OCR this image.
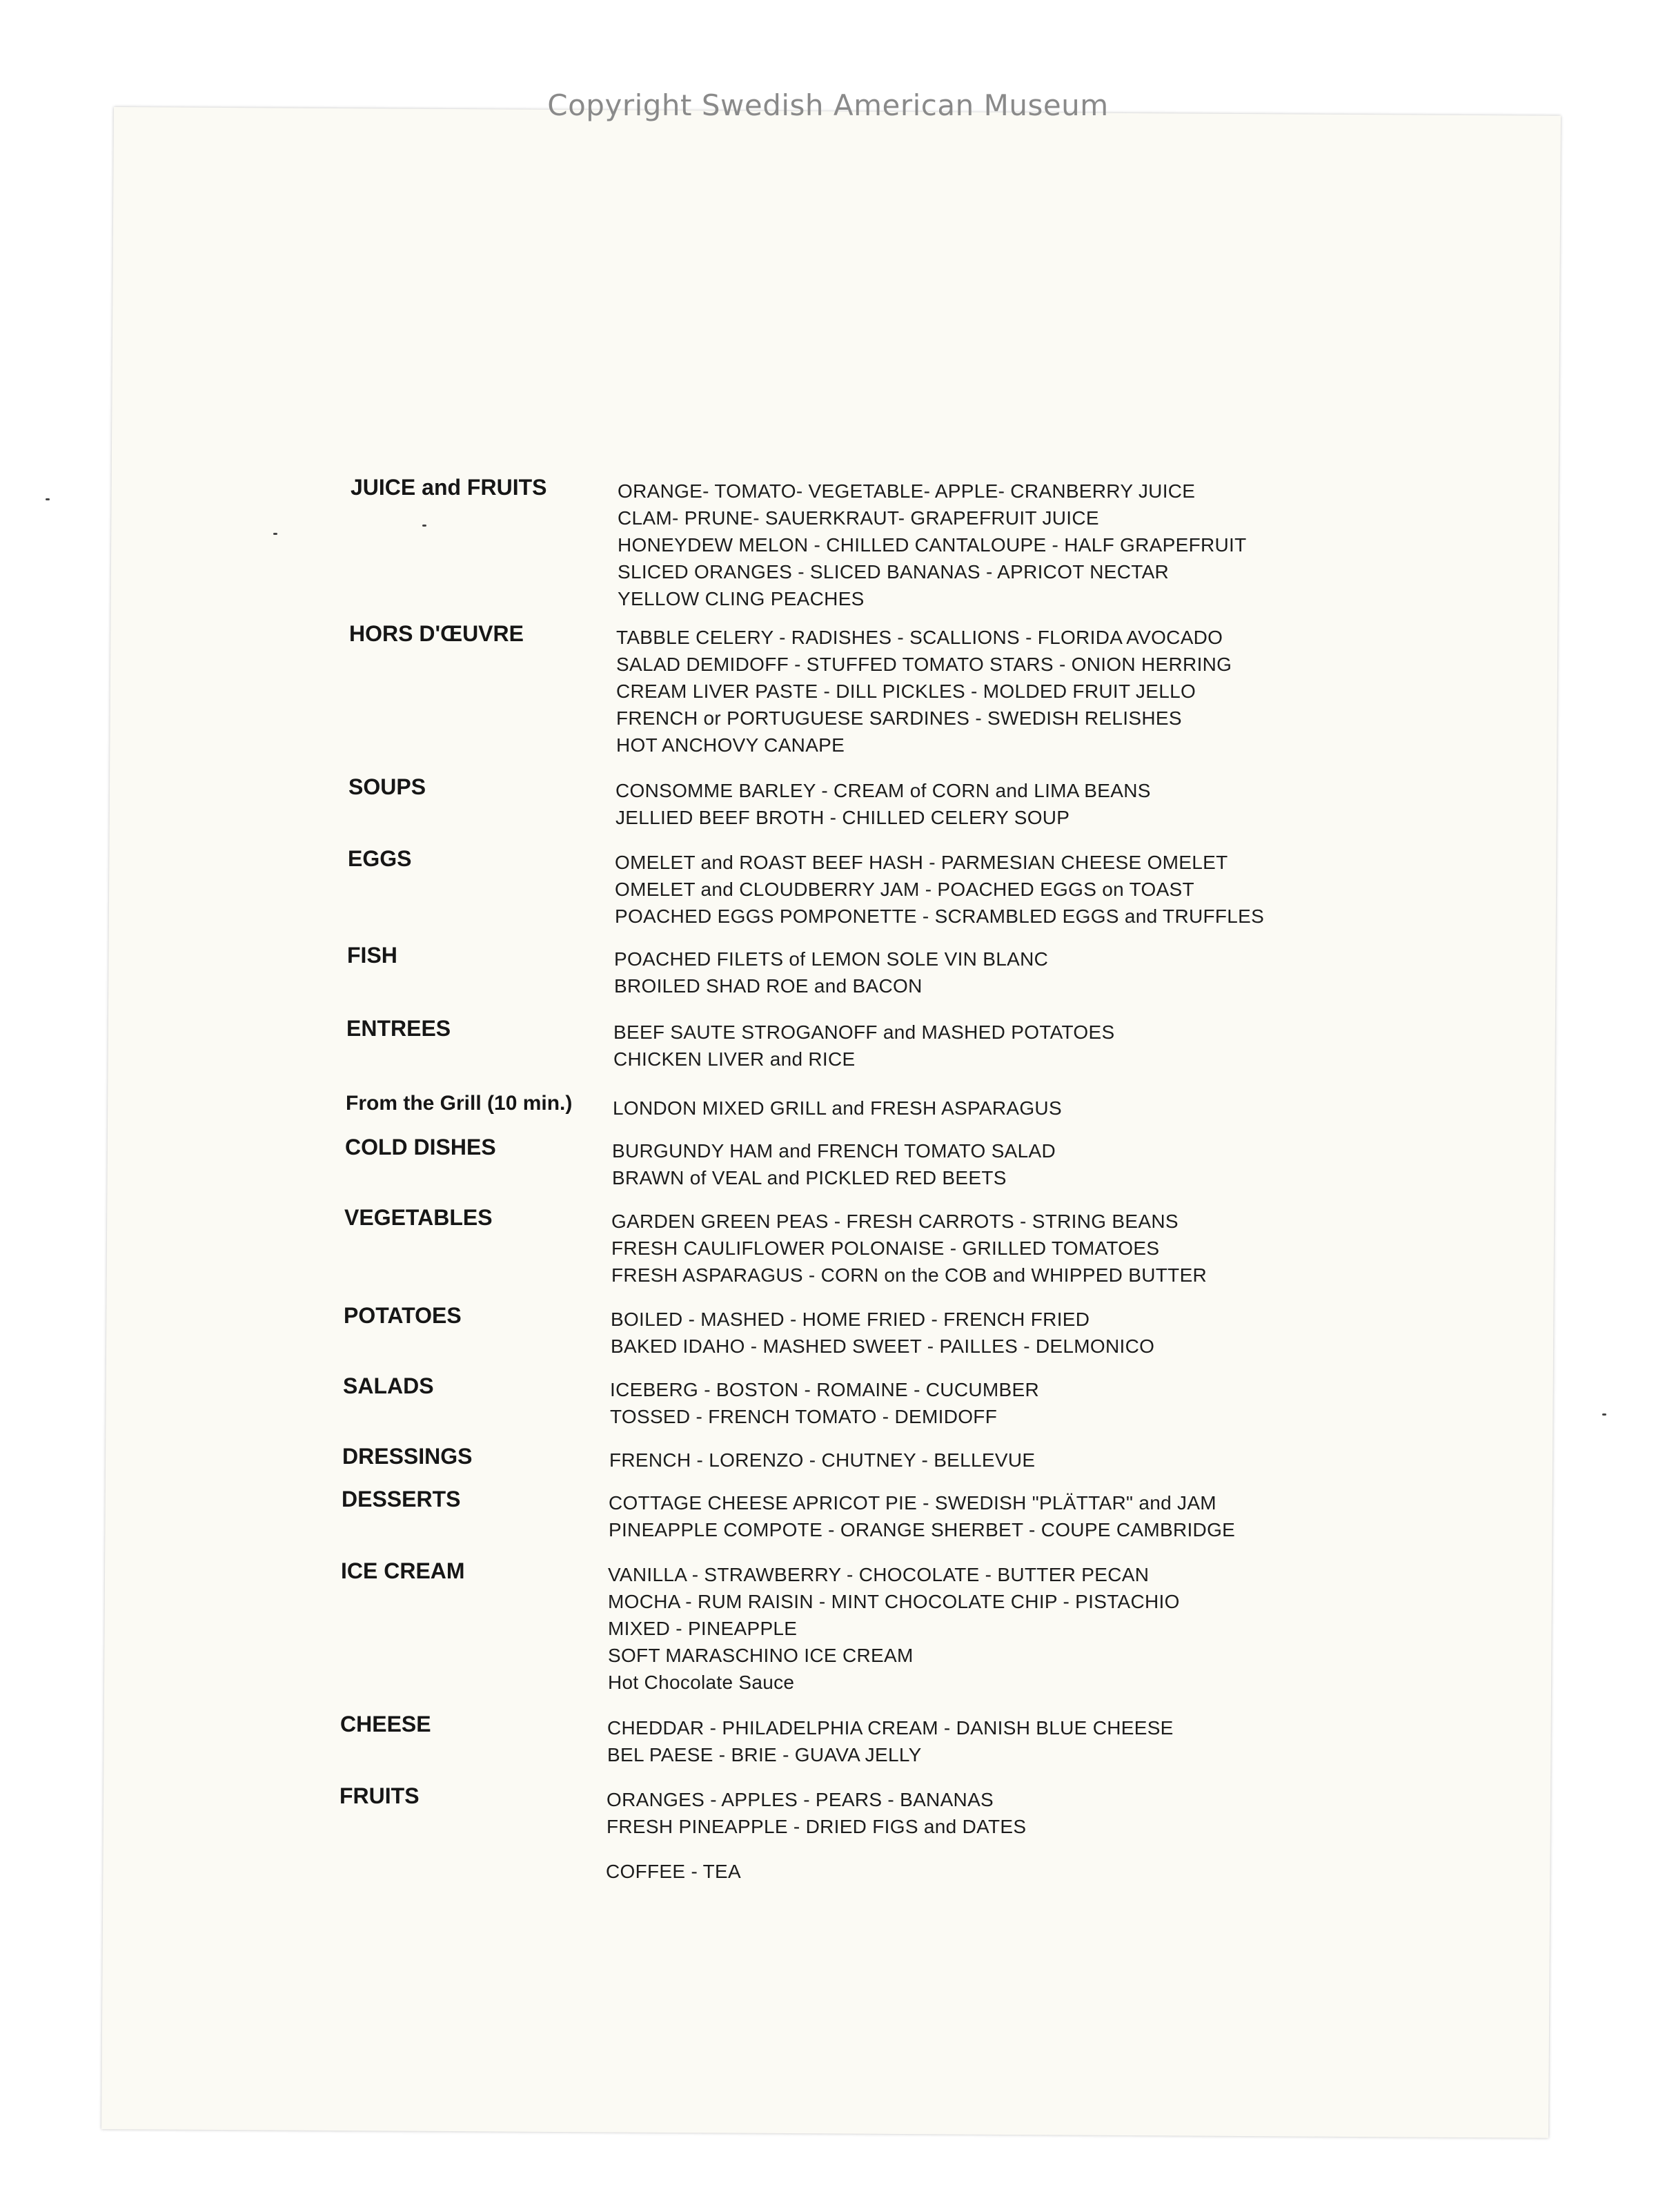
Copyright Swedish American Museum
JUICE and FRUITS	ORANGE- TOMATO- VEGETABLE- APPLE- CRANBERRY JUICE
CLAM- PRUNE- SAUERKRAUT- GRAPEFRUIT JUICE
HONEYDEW MELON - CHILLED CANTALOUPE - HALF GRAPEFRUIT
SLICED ORANGES - SLICED BANANAS - APRICOT NECTAR
YELLOW CLING PEACHES
HORS D'ŒUVRE	TABBLE CELERY - RADISHES - SCALLIONS - FLORIDA AVOCADO
SALAD DEMIDOFF - STUFFED TOMATO STARS - ONION HERRING
CREAM LIVER PASTE - DILL PICKLES - MOLDED FRUIT JELLO
FRENCH or PORTUGUESE SARDINES - SWEDISH RELISHES
HOT ANCHOVY CANAPE
SOUPS	CONSOMME BARLEY - CREAM of CORN and LIMA BEANS
JELLIED BEEF BROTH - CHILLED CELERY SOUP
EGGS	OMELET and ROAST BEEF HASH - PARMESIAN CHEESE OMELET
OMELET and CLOUDBERRY JAM - POACHED EGGS on TOAST
POACHED EGGS POMPONETTE - SCRAMBLED EGGS and TRUFFLES
FISH	POACHED FILETS of LEMON SOLE VIN BLANC
BROILED SHAD ROE and BACON
ENTREES	BEEF SAUTE STROGANOFF and MASHED POTATOES
CHICKEN LIVER and RICE
From the Grill (10 min.)	LONDON MIXED GRILL and FRESH ASPARAGUS
COLD DISHES	BURGUNDY HAM and FRENCH TOMATO SALAD
BRAWN of VEAL and PICKLED RED BEETS
VEGETABLES	GARDEN GREEN PEAS - FRESH CARROTS - STRING BEANS
FRESH CAULIFLOWER POLONAISE - GRILLED TOMATOES
FRESH ASPARAGUS - CORN on the COB and WHIPPED BUTTER
POTATOES	BOILED - MASHED - HOME FRIED - FRENCH FRIED
BAKED IDAHO - MASHED SWEET - PAILLES - DELMONICO
SALADS	ICEBERG - BOSTON - ROMAINE - CUCUMBER
TOSSED - FRENCH TOMATO - DEMIDOFF
DRESSINGS	FRENCH - LORENZO - CHUTNEY - BELLEVUE
DESSERTS	COTTAGE CHEESE APRICOT PIE - SWEDISH "PLÄTTAR" and JAM
PINEAPPLE COMPOTE - ORANGE SHERBET - COUPE CAMBRIDGE
ICE CREAM	VANILLA - STRAWBERRY - CHOCOLATE - BUTTER PECAN
MOCHA - RUM RAISIN - MINT CHOCOLATE CHIP - PISTACHIO
MIXED - PINEAPPLE
SOFT MARASCHINO ICE CREAM
Hot Chocolate Sauce
CHEESE	CHEDDAR - PHILADELPHIA CREAM - DANISH BLUE CHEESE
BEL PAESE - BRIE - GUAVA JELLY
FRUITS	ORANGES - APPLES - PEARS - BANANAS
FRESH PINEAPPLE - DRIED FIGS and DATES
COFFEE - TEA
